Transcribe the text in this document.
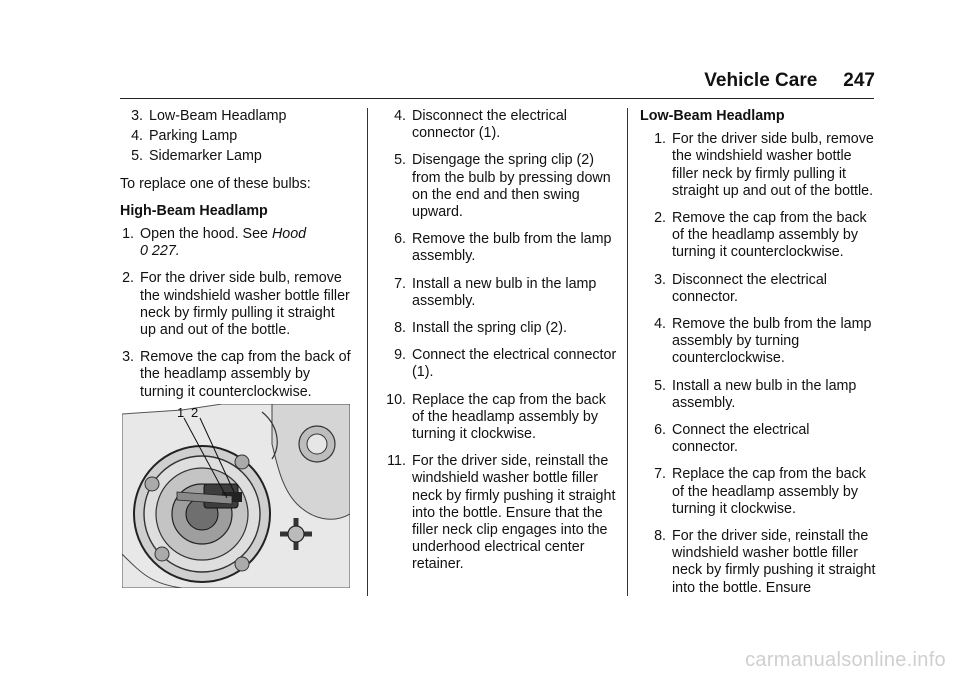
Vehicle Care 247
3. Low-Beam Headlamp
4. Parking Lamp
5. Sidemarker Lamp

To replace one of these bulbs:

High-Beam Headlamp
1. Open the hood. See Hood
0 227.
2. For the driver side bulb, remove the windshield washer bottle filler neck by firmly pulling it straight up and out of the bottle.
3. Remove the cap from the back of the headlamp assembly by turning it counterclockwise.
1 2
4. Disconnect the electrical connector (1).
5. Disengage the spring clip (2) from the bulb by pressing down on the end and then swing upward.
6. Remove the bulb from the lamp assembly.
7. Install a new bulb in the lamp assembly.
8. Install the spring clip (2).
9. Connect the electrical connector (1).
10. Replace the cap from the back of the headlamp assembly by turning it clockwise.
11. For the driver side, reinstall the windshield washer bottle filler neck by firmly pushing it straight into the bottle. Ensure that the filler neck clip engages into the underhood electrical center retainer.
Low-Beam Headlamp
1. For the driver side bulb, remove the windshield washer bottle filler neck by firmly pulling it straight up and out of the bottle.
2. Remove the cap from the back of the headlamp assembly by turning it counterclockwise.
3. Disconnect the electrical connector.
4. Remove the bulb from the lamp assembly by turning counterclockwise.
5. Install a new bulb in the lamp assembly.
6. Connect the electrical connector.
7. Replace the cap from the back of the headlamp assembly by turning it clockwise.
8. For the driver side, reinstall the windshield washer bottle filler neck by firmly pushing it straight into the bottle. Ensure
carmanualsonline.info
